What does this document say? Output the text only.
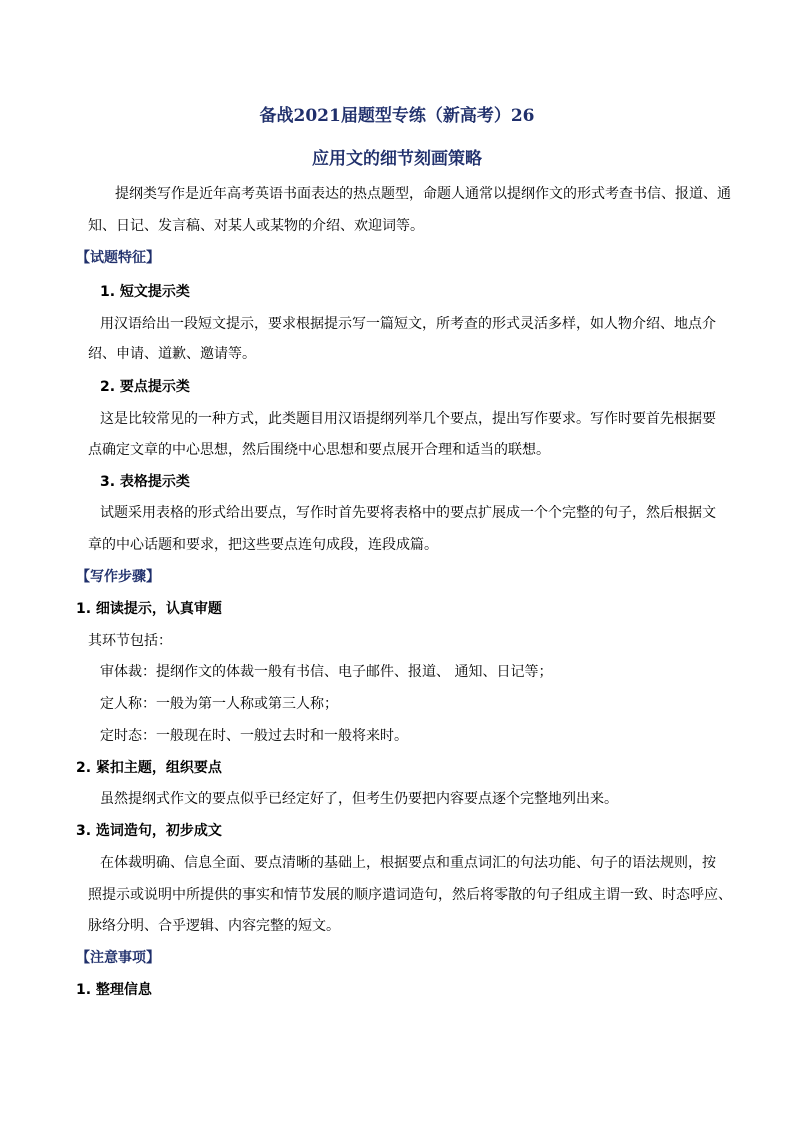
备战2021届题型专练（新高考）26
应用文的细节刻画策略
提纲类写作是近年高考英语书面表达的热点题型，命题人通常以提纲作文的形式考查书信、报道、通
知、日记、发言稿、对某人或某物的介绍、欢迎词等。
【试题特征】
1. 短文提示类
用汉语给出一段短文提示，要求根据提示写一篇短文，所考查的形式灵活多样，如人物介绍、地点介
绍、申请、道歉、邀请等。
2. 要点提示类
这是比较常见的一种方式，此类题目用汉语提纲列举几个要点，提出写作要求。写作时要首先根据要
点确定文章的中心思想，然后围绕中心思想和要点展开合理和适当的联想。
3. 表格提示类
试题采用表格的形式给出要点，写作时首先要将表格中的要点扩展成一个个完整的句子，然后根据文
章的中心话题和要求，把这些要点连句成段，连段成篇。
【写作步骤】
1. 细读提示，认真审题
其环节包括：
审体裁：提纲作文的体裁一般有书信、电子邮件、报道、 通知、日记等；
定人称：一般为第一人称或第三人称；
定时态：一般现在时、一般过去时和一般将来时。
2. 紧扣主题，组织要点
虽然提纲式作文的要点似乎已经定好了，但考生仍要把内容要点逐个完整地列出来。
3. 选词造句，初步成文
在体裁明确、信息全面、要点清晰的基础上，根据要点和重点词汇的句法功能、句子的语法规则，按
照提示或说明中所提供的事实和情节发展的顺序遣词造句，然后将零散的句子组成主谓一致、时态呼应、
脉络分明、合乎逻辑、内容完整的短文。
【注意事项】
1. 整理信息
